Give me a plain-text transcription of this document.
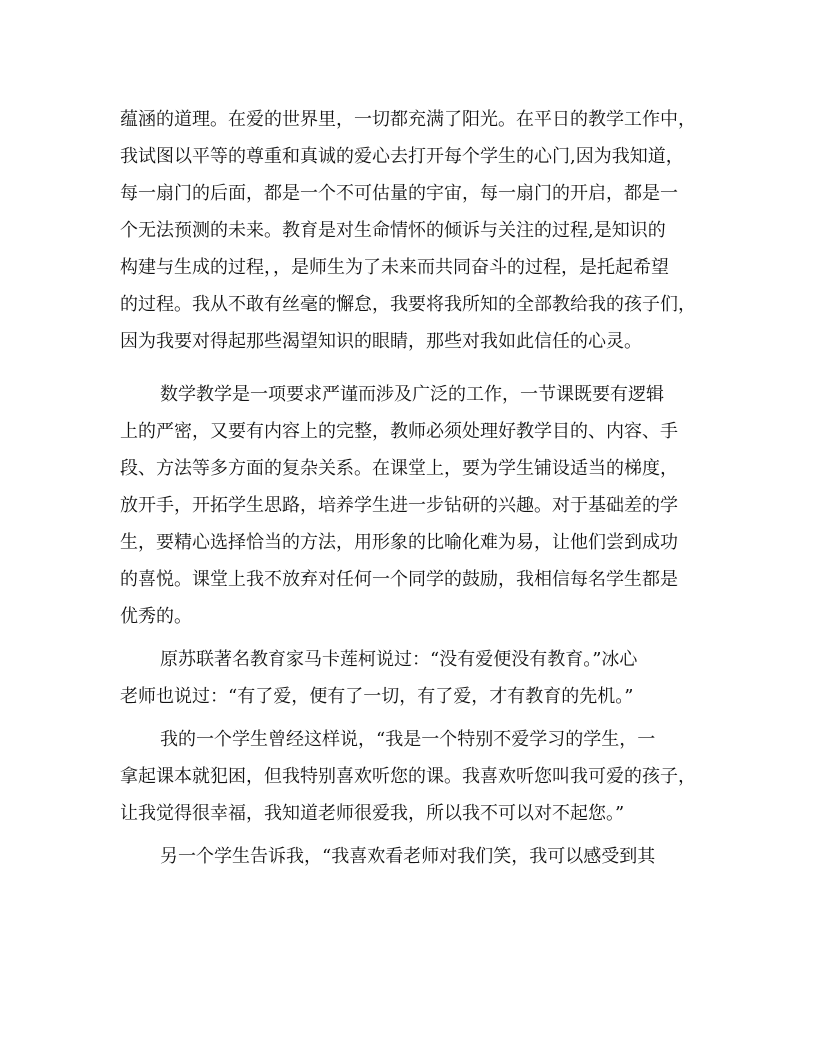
蕴涵的道理。在爱的世界里，一切都充满了阳光。在平日的教学工作中，
我试图以平等的尊重和真诚的爱心去打开每个学生的心门,因为我知道，
每一扇门的后面，都是一个不可估量的宇宙，每一扇门的开启，都是一
个无法预测的未来。教育是对生命情怀的倾诉与关注的过程,是知识的
构建与生成的过程，，是师生为了未来而共同奋斗的过程，是托起希望
的过程。我从不敢有丝毫的懈怠，我要将我所知的全部教给我的孩子们，
因为我要对得起那些渴望知识的眼睛，那些对我如此信任的心灵。
数学教学是一项要求严谨而涉及广泛的工作，一节课既要有逻辑
上的严密，又要有内容上的完整，教师必须处理好教学目的、内容、手
段、方法等多方面的复杂关系。在课堂上，要为学生铺设适当的梯度，
放开手，开拓学生思路，培养学生进一步钻研的兴趣。对于基础差的学
生，要精心选择恰当的方法，用形象的比喻化难为易，让他们尝到成功
的喜悦。课堂上我不放弃对任何一个同学的鼓励，我相信每名学生都是
优秀的。
原苏联著名教育家马卡莲柯说过：“没有爱便没有教育。”冰心
老师也说过：“有了爱，便有了一切，有了爱，才有教育的先机。”
我的一个学生曾经这样说，“我是一个特别不爱学习的学生，一
拿起课本就犯困，但我特别喜欢听您的课。我喜欢听您叫我可爱的孩子，
让我觉得很幸福，我知道老师很爱我，所以我不可以对不起您。”
另一个学生告诉我，“我喜欢看老师对我们笑，我可以感受到其
